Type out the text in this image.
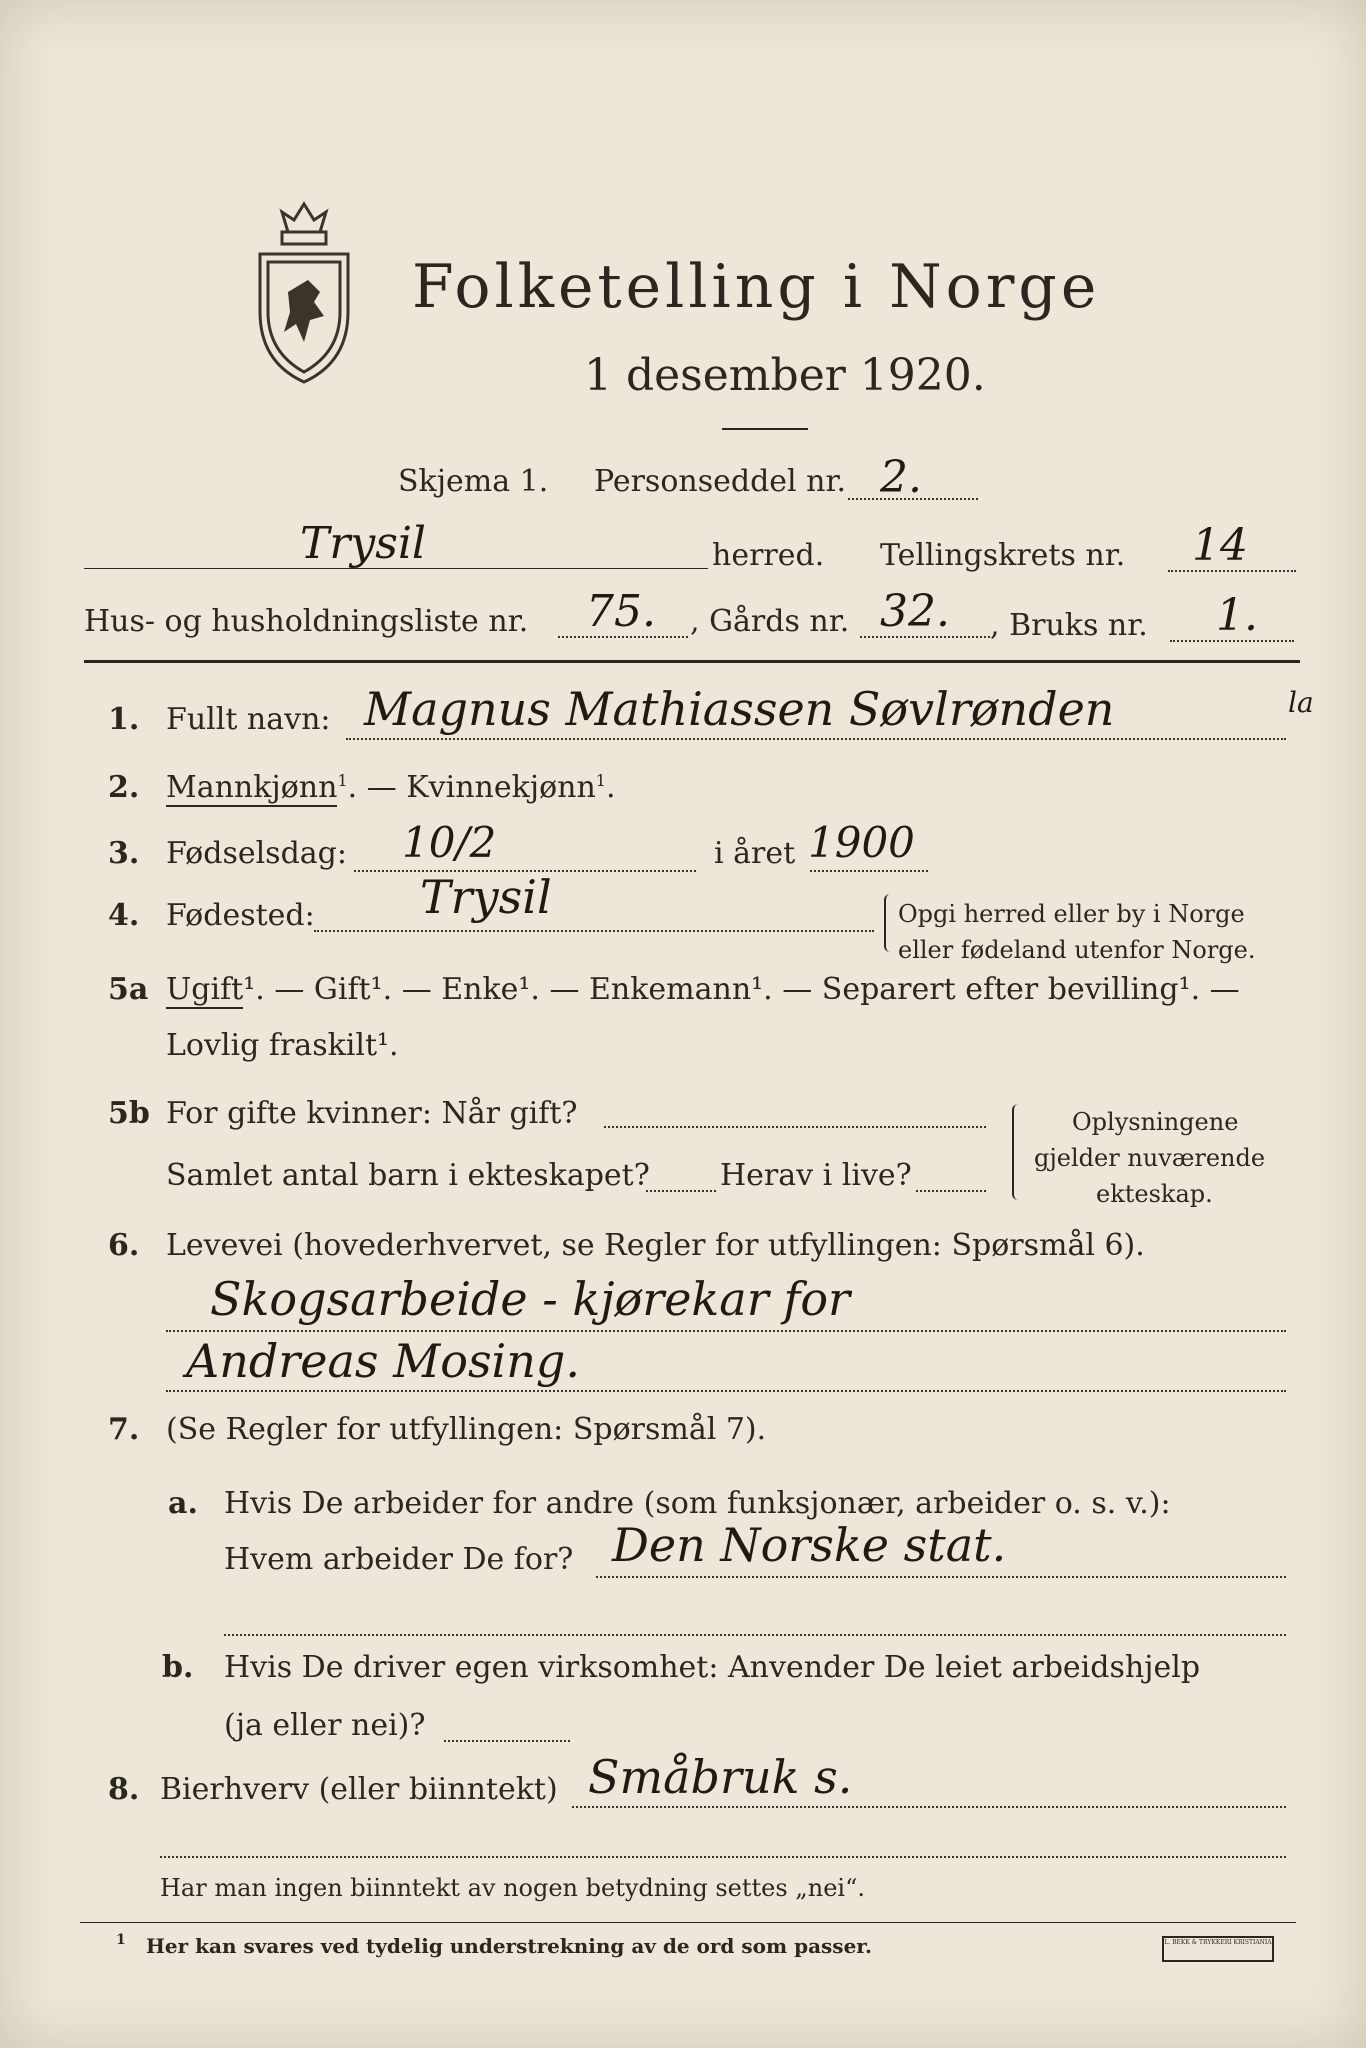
Folketelling i Norge
1 desember 1920.
Skjema 1. Personseddel nr. 2.
Trysil	herred. Tellingskrets nr. 14
Hus- og husholdningsliste nr. 75. , Gårds nr. 32. , Bruks nr. 1.
1. Fullt navn: Magnus Mathiassen Søvlrønden	la
2. Mannkjønn$^1$. — Kvinnekjønn$^1$.
3. Fødselsdag: 10/2	i året 1900
4. Fødested: Trysil	Opgi herred eller by i Norge
eller fødeland utenfor Norge.
5a Ugift¹. — Gift¹. — Enke¹. — Enkemann¹. — Separert efter bevilling¹. —
Lovlig fraskilt¹.
5b For gifte kvinner: Når gift?
Samlet antal barn i ekteskapet? Herav i live?
Oplysningene
gjelder nuværende
ekteskap.
6. Levevei (hovederhvervet, se Regler for utfyllingen: Spørsmål 6).
Skogsarbeide - kjørekar for
Andreas Mosing.
7. (Se Regler for utfyllingen: Spørsmål 7).
a. Hvis De arbeider for andre (som funksjonær, arbeider o. s. v.):
Hvem arbeider De for? Den Norske stat.
b. Hvis De driver egen virksomhet: Anvender De leiet arbeidshjelp
(ja eller nei)?
8. Bierhverv (eller biinntekt) Småbruk s.
Har man ingen biinntekt av nogen betydning settes „nei“.
1 Her kan svares ved tydelig understrekning av de ord som passer.	L. BEKK & TRYKKERI KRISTIANIA
